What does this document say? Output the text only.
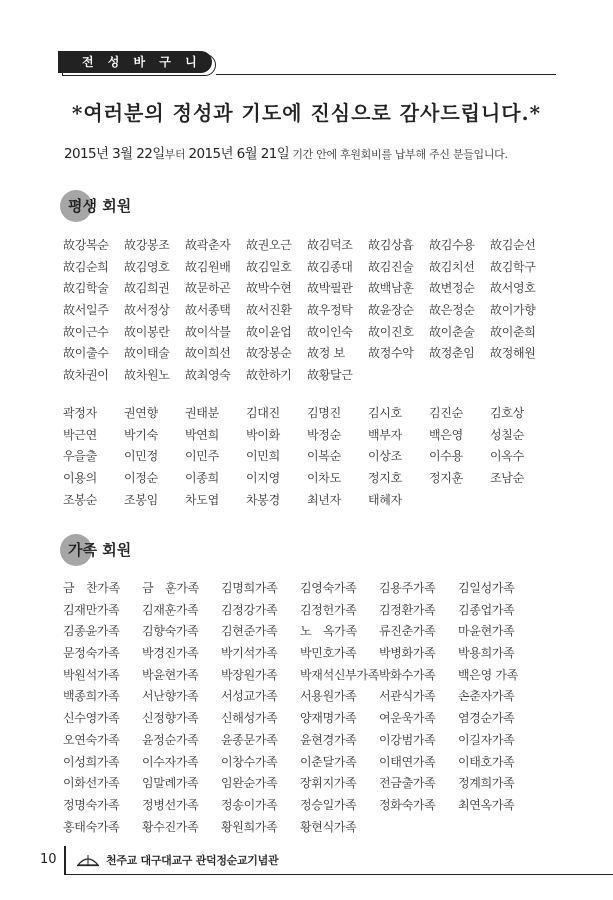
전 성 바 구 니
*여러분의 정성과 기도에 진심으로 감사드립니다.*
2015년 3월 22일부터 2015년 6월 21일 기간 안에 후원회비를 납부해 주신 분들입니다.
평생 회원
故강복순	故강봉조	故곽춘자	故권오근	故김덕조	故김상흡	故김수용	故김순선
故김순희	故김영호	故김원배	故김일호	故김종대	故김진술	故김치선	故김학구
故김학술	故김희권	故문하곤	故박수현	故박필관	故백남훈	故변정순	故서영호
故서일주	故서정상	故서종택	故서진환	故우정탁	故윤장순	故은정순	故이가향
故이근수	故이봉란	故이삭블	故이윤업	故이인숙	故이진호	故이춘술	故이춘희
故이출수	故이태술	故이희선	故장봉순	故정 보	故정수악	故정춘임	故정해원
故차권이	故차원노	故최영숙	故한하기	故황달근
곽정자	권연향	권태분	김대진	김명진	김시호	김진순	김호상
박근연	박기숙	박연희	박이화	박정순	백부자	백은영	성칠순
우을출	이민정	이민주	이민희	이복순	이상조	이수용	이옥수
이용의	이정순	이종희	이지영	이차도	정지호	정지훈	조남순
조봉순	조봉임	차도엽	차봉경	최년자	태혜자
가족 회원
금　찬가족	금　훈가족	김명희가족	김영숙가족	김용주가족	김일성가족
김재만가족	김재훈가족	김정강가족	김정헌가족	김정환가족	김종업가족
김종윤가족	김향숙가족	김현준가족	노　옥가족	류진춘가족	마윤현가족
문정숙가족	박경진가족	박기석가족	박민호가족	박병화가족	박용희가족
박원석가족	박윤현가족	박장원가족	박재석신부가족 박화수가족	백은영 가족
백종희가족	서난향가족	서성교가족	서용원가족	서관식가족	손춘자가족
신수영가족	신정향가족	신해성가족	양재명가족	여운욱가족	염경순가족
오연숙가족	윤정순가족	윤종문가족	윤현경가족	이강범가족	이길자가족
이성희가족	이수자가족	이창수가족	이춘달가족	이태연가족	이태호가족
이화선가족	임말례가족	임완순가족	장휘지가족	전금출가족	정계희가족
정명숙가족	정병선가족	정송이가족	정승일가족	정화숙가족	최연옥가족
홍태숙가족	황수진가족	황원희가족	황현식가족
10	천주교 대구대교구 관덕정순교기념관
